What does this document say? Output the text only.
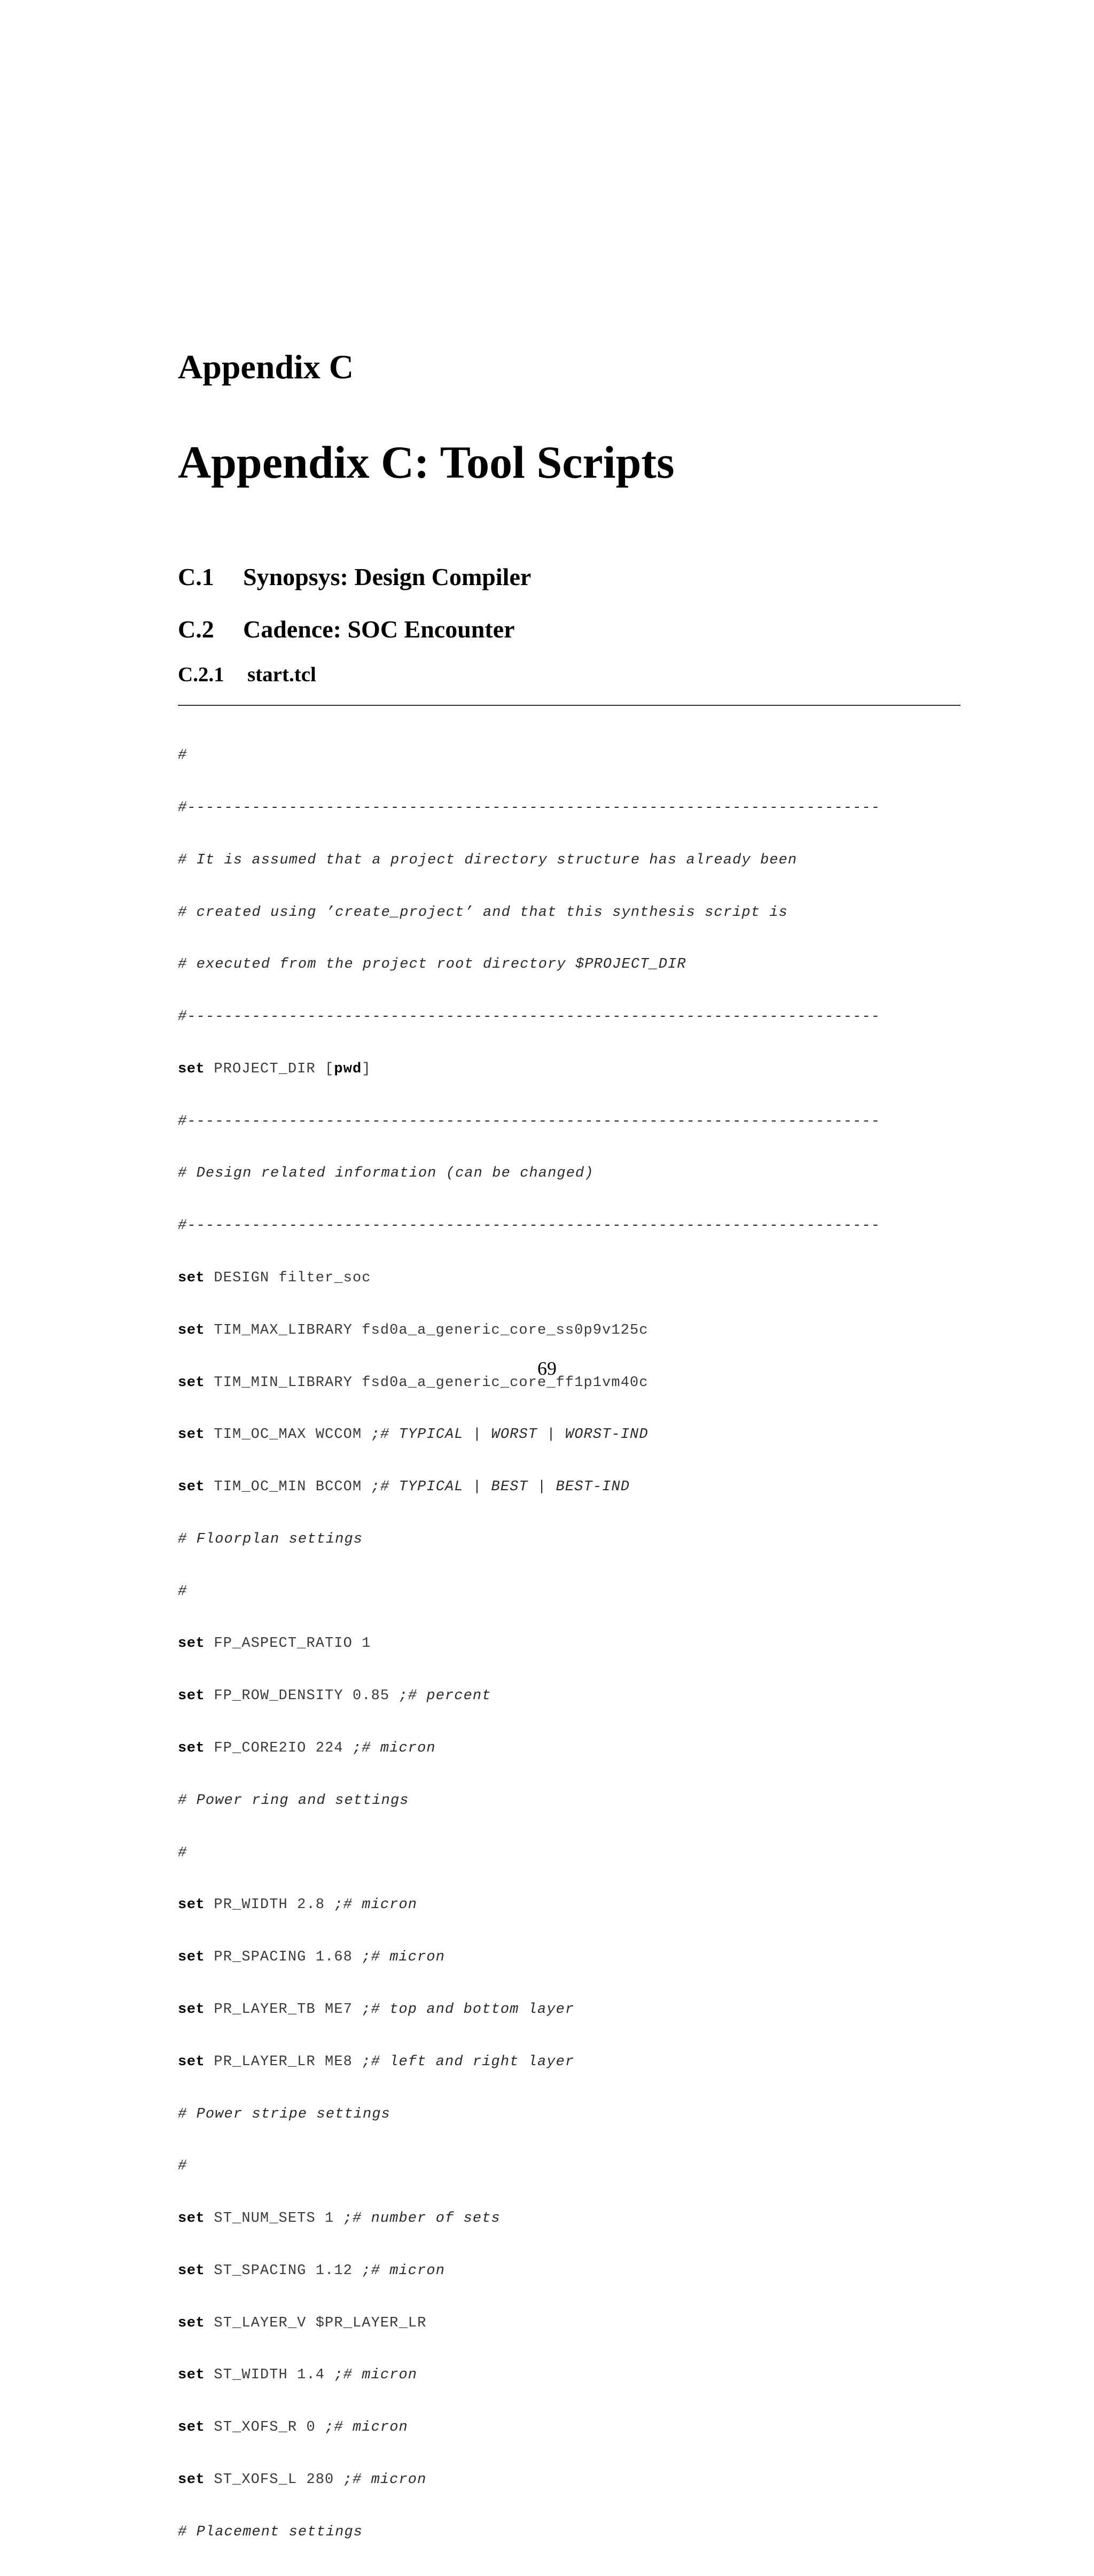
Appendix C
Appendix C: Tool Scripts
C.1 Synopsys: Design Compiler
C.2 Cadence: SOC Encounter
C.2.1 start.tcl

#

#---------------------------------------------------------------------------

# It is assumed that a project directory structure has already been

# created using ’create_project’ and that this synthesis script is

# executed from the project root directory $PROJECT_DIR

#---------------------------------------------------------------------------

set PROJECT_DIR [pwd]

#---------------------------------------------------------------------------

# Design related information (can be changed)

#---------------------------------------------------------------------------

set DESIGN filter_soc

set TIM_MAX_LIBRARY fsd0a_a_generic_core_ss0p9v125c

set TIM_MIN_LIBRARY fsd0a_a_generic_core_ff1p1vm40c

set TIM_OC_MAX WCCOM ;# TYPICAL | WORST | WORST-IND

set TIM_OC_MIN BCCOM ;# TYPICAL | BEST | BEST-IND

# Floorplan settings

#

set FP_ASPECT_RATIO 1

set FP_ROW_DENSITY 0.85 ;# percent

set FP_CORE2IO 224 ;# micron

# Power ring and settings

#

set PR_WIDTH 2.8 ;# micron

set PR_SPACING 1.68 ;# micron

set PR_LAYER_TB ME7 ;# top and bottom layer

set PR_LAYER_LR ME8 ;# left and right layer

# Power stripe settings

#

set ST_NUM_SETS 1 ;# number of sets

set ST_SPACING 1.12 ;# micron

set ST_LAYER_V $PR_LAYER_LR

set ST_WIDTH 1.4 ;# micron

set ST_XOFS_R 0 ;# micron

set ST_XOFS_L 280 ;# micron

# Placement settings

69
